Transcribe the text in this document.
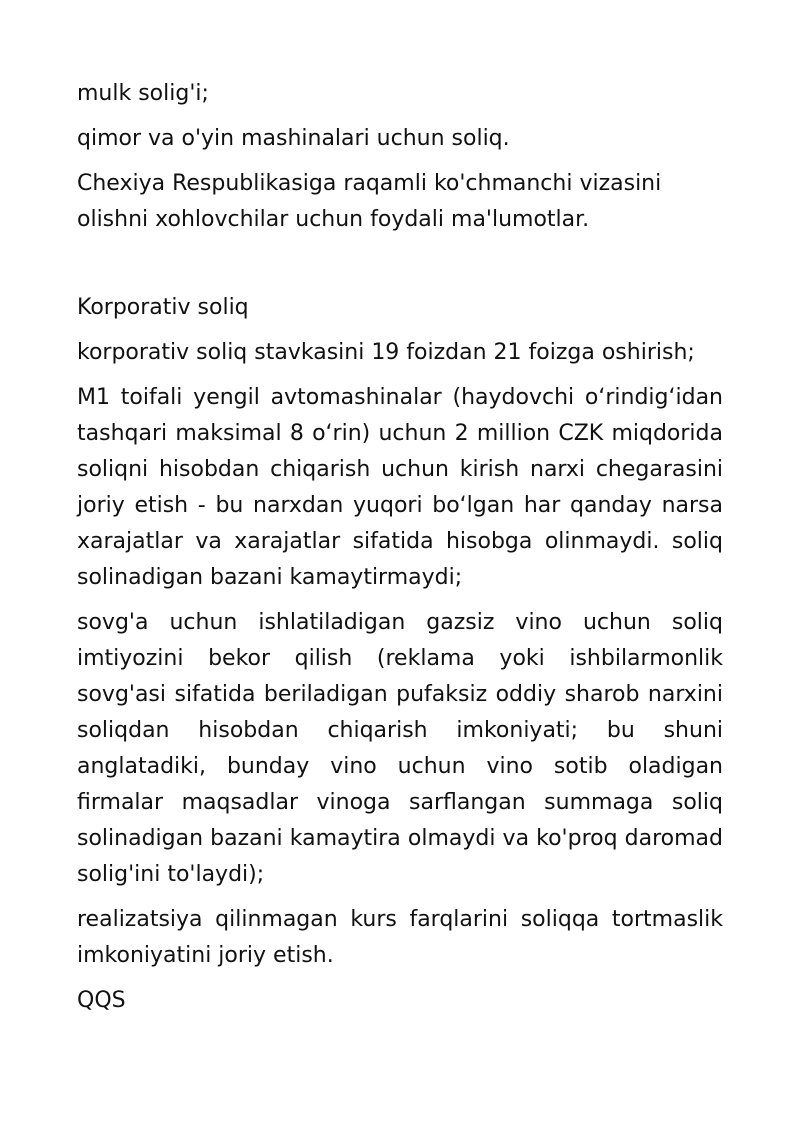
mulk solig'i;

qimor va o'yin mashinalari uchun soliq.

Chexiya Respublikasiga raqamli ko'chmanchi vizasini olishni xohlovchilar uchun foydali ma'lumotlar.

Korporativ soliq

korporativ soliq stavkasini 19 foizdan 21 foizga oshirish;

M1 toifali yengil avtomashinalar (haydovchi o‘rindig‘idan tashqari maksimal 8 o‘rin) uchun 2 million CZK miqdorida soliqni hisobdan chiqarish uchun kirish narxi chegarasini joriy etish - bu narxdan yuqori bo‘lgan har qanday narsa xarajatlar va xarajatlar sifatida hisobga olinmaydi. soliq solinadigan bazani kamaytirmaydi;

sovg'a uchun ishlatiladigan gazsiz vino uchun soliq imtiyozini bekor qilish (reklama yoki ishbilarmonlik sovg'asi sifatida beriladigan pufaksiz oddiy sharob narxini soliqdan hisobdan chiqarish imkoniyati; bu shuni anglatadiki, bunday vino uchun vino sotib oladigan firmalar maqsadlar vinoga sarflangan summaga soliq solinadigan bazani kamaytira olmaydi va ko'proq daromad solig'ini to'laydi);

realizatsiya qilinmagan kurs farqlarini soliqqa tortmaslik imkoniyatini joriy etish.

QQS
